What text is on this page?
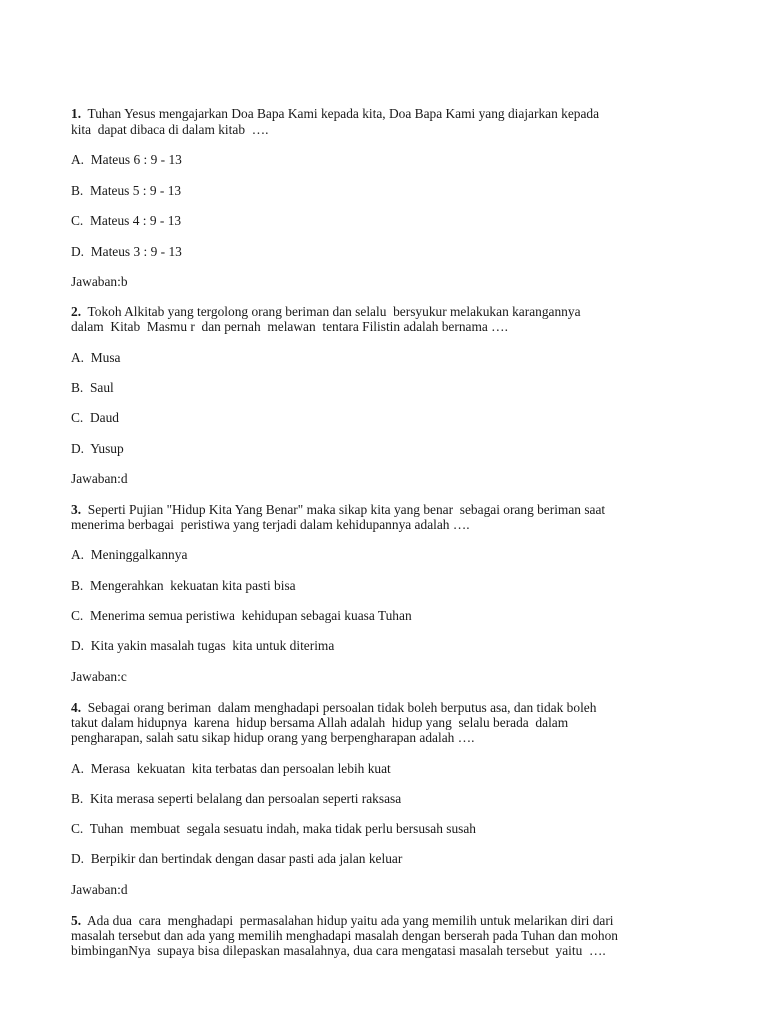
1.  Tuhan Yesus mengajarkan Doa Bapa Kami kepada kita, Doa Bapa Kami yang diajarkan kepada
kita  dapat dibaca di dalam kitab  ….
A.  Mateus 6 : 9 - 13
B.  Mateus 5 : 9 - 13
C.  Mateus 4 : 9 - 13
D.  Mateus 3 : 9 - 13
Jawaban:b
2.  Tokoh Alkitab yang tergolong orang beriman dan selalu  bersyukur melakukan karangannya
dalam  Kitab  Masmu r  dan pernah  melawan  tentara Filistin adalah bernama ….
A.  Musa
B.  Saul
C.  Daud
D.  Yusup
Jawaban:d
3.  Seperti Pujian "Hidup Kita Yang Benar" maka sikap kita yang benar  sebagai orang beriman saat
menerima berbagai  peristiwa yang terjadi dalam kehidupannya adalah ….
A.  Meninggalkannya
B.  Mengerahkan  kekuatan kita pasti bisa
C.  Menerima semua peristiwa  kehidupan sebagai kuasa Tuhan
D.  Kita yakin masalah tugas  kita untuk diterima
Jawaban:c
4.  Sebagai orang beriman  dalam menghadapi persoalan tidak boleh berputus asa, dan tidak boleh
takut dalam hidupnya  karena  hidup bersama Allah adalah  hidup yang  selalu berada  dalam
pengharapan, salah satu sikap hidup orang yang berpengharapan adalah ….
A.  Merasa  kekuatan  kita terbatas dan persoalan lebih kuat
B.  Kita merasa seperti belalang dan persoalan seperti raksasa
C.  Tuhan  membuat  segala sesuatu indah, maka tidak perlu bersusah susah
D.  Berpikir dan bertindak dengan dasar pasti ada jalan keluar
Jawaban:d
5.  Ada dua  cara  menghadapi  permasalahan hidup yaitu ada yang memilih untuk melarikan diri dari
masalah tersebut dan ada yang memilih menghadapi masalah dengan berserah pada Tuhan dan mohon
bimbinganNya  supaya bisa dilepaskan masalahnya, dua cara mengatasi masalah tersebut  yaitu  ….
